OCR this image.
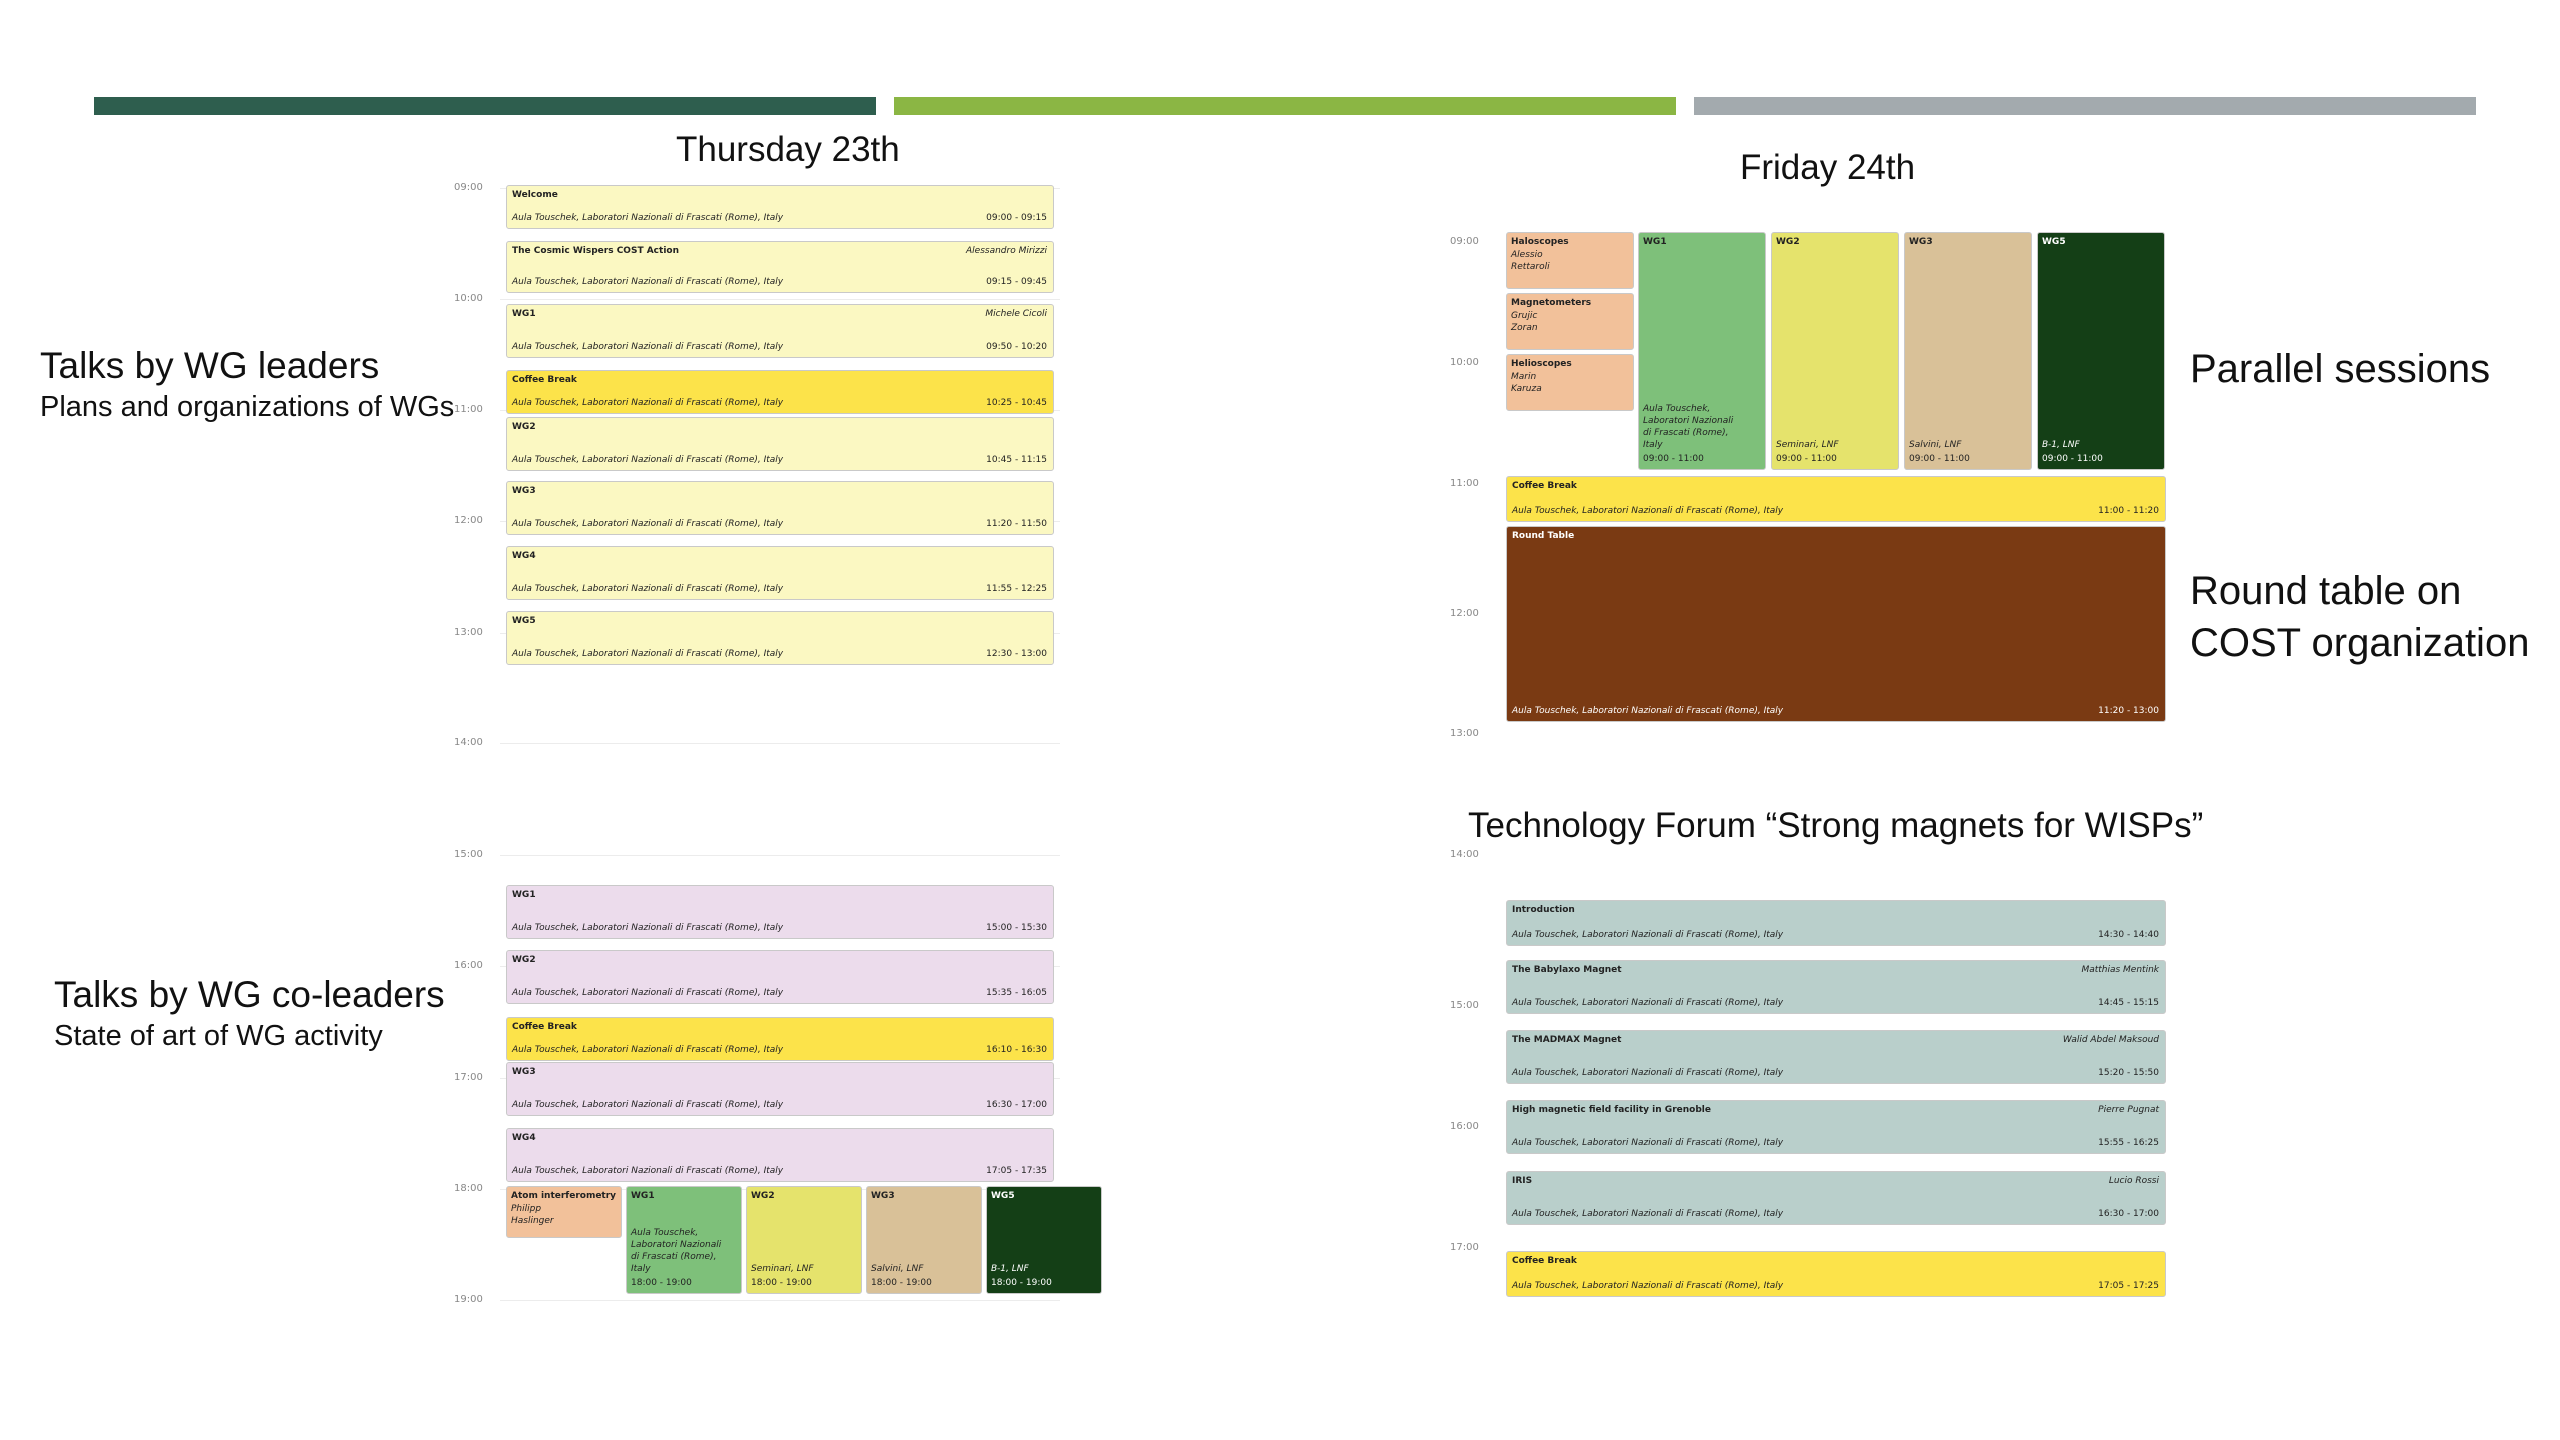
Thursday 23th	Friday 24th
Technology Forum “Strong magnets for WISPs”
Talks by WG leaders
Plans and organizations of WGs
Talks by WG co-leaders
State of art of WG activity
Parallel sessions
Round table on
COST organization
09:00
10:00
11:00
12:00
13:00
14:00
15:00
16:00
17:00
18:00
19:00
Welcome
Aula Touschek, Laboratori Nazionali di Frascati (Rome), Italy	09:00 - 09:15
The Cosmic Wispers COST Action	Alessandro Mirizzi
Aula Touschek, Laboratori Nazionali di Frascati (Rome), Italy	09:15 - 09:45
WG1	Michele Cicoli
Aula Touschek, Laboratori Nazionali di Frascati (Rome), Italy	09:50 - 10:20
Coffee Break
Aula Touschek, Laboratori Nazionali di Frascati (Rome), Italy	10:25 - 10:45
WG2
Aula Touschek, Laboratori Nazionali di Frascati (Rome), Italy	10:45 - 11:15
WG3
Aula Touschek, Laboratori Nazionali di Frascati (Rome), Italy	11:20 - 11:50
WG4
Aula Touschek, Laboratori Nazionali di Frascati (Rome), Italy	11:55 - 12:25
WG5
Aula Touschek, Laboratori Nazionali di Frascati (Rome), Italy	12:30 - 13:00
WG1
Aula Touschek, Laboratori Nazionali di Frascati (Rome), Italy	15:00 - 15:30
WG2
Aula Touschek, Laboratori Nazionali di Frascati (Rome), Italy	15:35 - 16:05
Coffee Break
Aula Touschek, Laboratori Nazionali di Frascati (Rome), Italy	16:10 - 16:30
WG3
Aula Touschek, Laboratori Nazionali di Frascati (Rome), Italy	16:30 - 17:00
WG4
Aula Touschek, Laboratori Nazionali di Frascati (Rome), Italy	17:05 - 17:35
Atom interferometry
Philipp
Haslinger
WG1
Aula Touschek,
Laboratori Nazionali
di Frascati (Rome),
Italy
18:00 - 19:00
WG2
Seminari, LNF
18:00 - 19:00
WG3
Salvini, LNF
18:00 - 19:00
WG5
B-1, LNF
18:00 - 19:00
09:00
10:00
11:00
12:00
13:00
14:00
15:00
16:00
17:00
Haloscopes
Alessio
Rettaroli
Magnetometers
Grujic
Zoran
Helioscopes
Marin
Karuza
WG1
Aula Touschek,
Laboratori Nazionali
di Frascati (Rome),
Italy
09:00 - 11:00
WG2
Seminari, LNF
09:00 - 11:00
WG3
Salvini, LNF
09:00 - 11:00
WG5
B-1, LNF
09:00 - 11:00
Coffee Break
Aula Touschek, Laboratori Nazionali di Frascati (Rome), Italy	11:00 - 11:20
Round Table
Aula Touschek, Laboratori Nazionali di Frascati (Rome), Italy	11:20 - 13:00
Introduction
Aula Touschek, Laboratori Nazionali di Frascati (Rome), Italy	14:30 - 14:40
The Babylaxo Magnet	Matthias Mentink
Aula Touschek, Laboratori Nazionali di Frascati (Rome), Italy	14:45 - 15:15
The MADMAX Magnet	Walid Abdel Maksoud
Aula Touschek, Laboratori Nazionali di Frascati (Rome), Italy	15:20 - 15:50
High magnetic field facility in Grenoble	Pierre Pugnat
Aula Touschek, Laboratori Nazionali di Frascati (Rome), Italy	15:55 - 16:25
IRIS	Lucio Rossi
Aula Touschek, Laboratori Nazionali di Frascati (Rome), Italy	16:30 - 17:00
Coffee Break
Aula Touschek, Laboratori Nazionali di Frascati (Rome), Italy	17:05 - 17:25
